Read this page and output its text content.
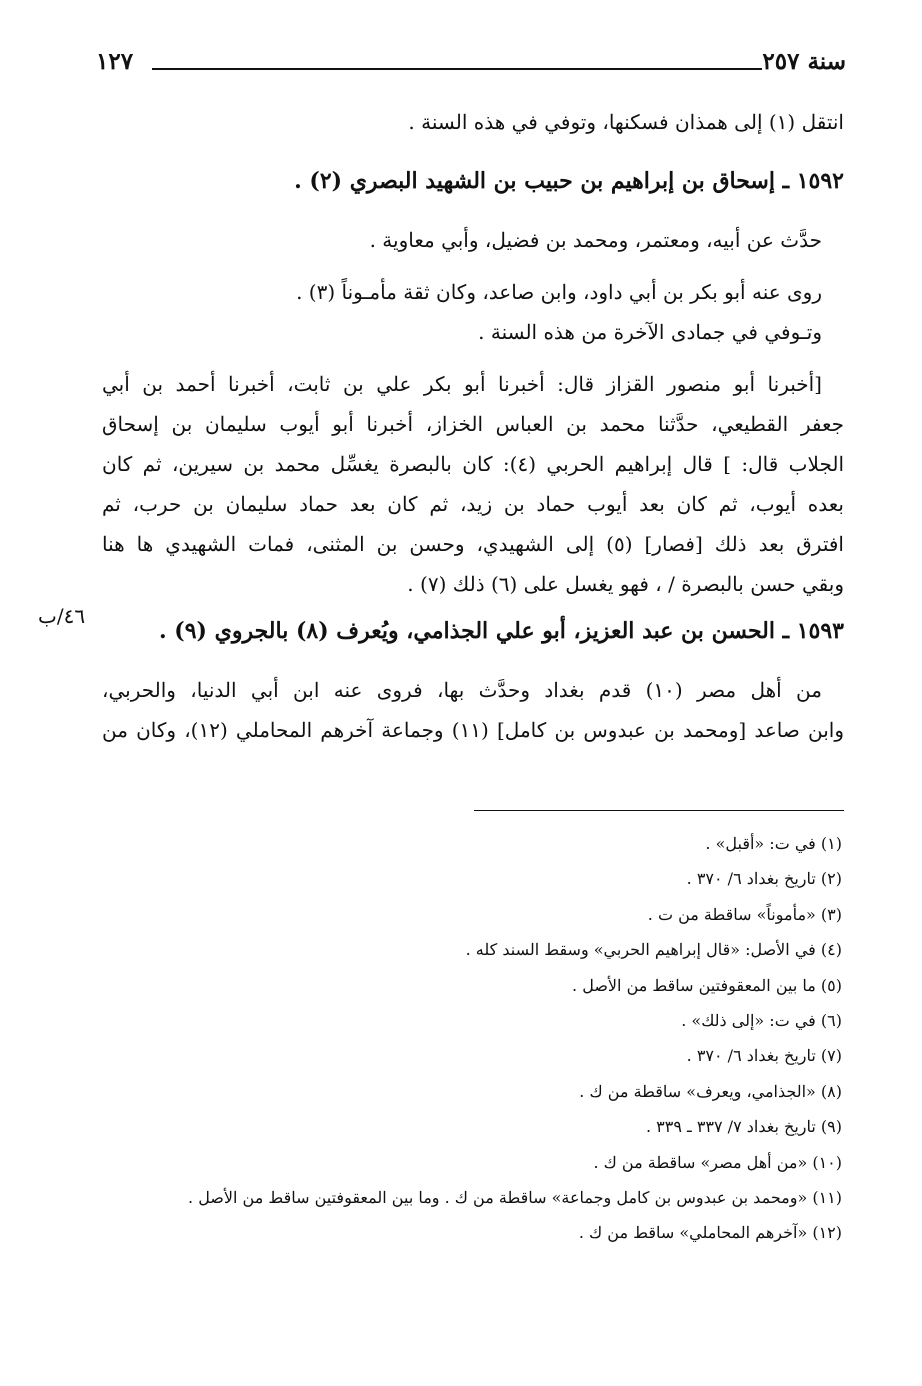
سنة ٢٥٧
١٢٧
٤٦/ب
انتقل (١) إلى همذان فسكنها، وتوفي في هذه السنة .
١٥٩٢ ـ إسحاق بن إبراهيم بن حبيب بن الشهيد البصري (٢) .
حدَّث عن أبيه، ومعتمر، ومحمد بن فضيل، وأبي معاوية .
روى عنه أبو بكر بن أبي داود، وابن صاعد، وكان ثقة مأمـوناً (٣) .
وتـوفي في جمادى الآخرة من هذه السنة .
[أخبرنا أبو منصور القزاز قال: أخبرنا أبو بكر علي بن ثابت، أخبرنا أحمد بن أبي
جعفر القطيعي، حدَّثنا محمد بن العباس الخزاز، أخبرنا أبو أيوب سليمان بن إسحاق
الجلاب قال: ] قال إبراهيم الحربي (٤): كان بالبصرة يغسِّل محمد بن سيرين، ثم كان
بعده أيوب، ثم كان بعد أيوب حماد بن زيد، ثم كان بعد حماد سليمان بن حرب، ثم
افترق بعد ذلك [فصار] (٥) إلى الشهيدي، وحسن بن المثنى، فمات الشهيدي ها هنا
وبقي حسن بالبصرة / ، فهو يغسل على (٦) ذلك (٧) .
١٥٩٣ ـ الحسن بن عبد العزيز، أبو علي الجذامي، ويُعرف (٨) بالجروي (٩) .
من أهل مصر (١٠) قدم بغداد وحدَّث بها، فروى عنه ابن أبي الدنيا، والحربي،
وابن صاعد [ومحمد بن عبدوس بن كامل] (١١) وجماعة آخرهم المحاملي (١٢)، وكان من
(١) في ت: «أقبل» .
(٢) تاريخ بغداد ٦/ ٣٧٠ .
(٣) «مأموناً» ساقطة من ت .
(٤) في الأصل: «قال إبراهيم الحربي» وسقط السند كله .
(٥) ما بين المعقوفتين ساقط من الأصل .
(٦) في ت: «إلى ذلك» .
(٧) تاريخ بغداد ٦/ ٣٧٠ .
(٨) «الجذامي، ويعرف» ساقطة من ك .
(٩) تاريخ بغداد ٧/ ٣٣٧ ـ ٣٣٩ .
(١٠) «من أهل مصر» ساقطة من ك .
(١١) «ومحمد بن عبدوس بن كامل وجماعة» ساقطة من ك . وما بين المعقوفتين ساقط من الأصل .
(١٢) «آخرهم المحاملي» ساقط من ك .
